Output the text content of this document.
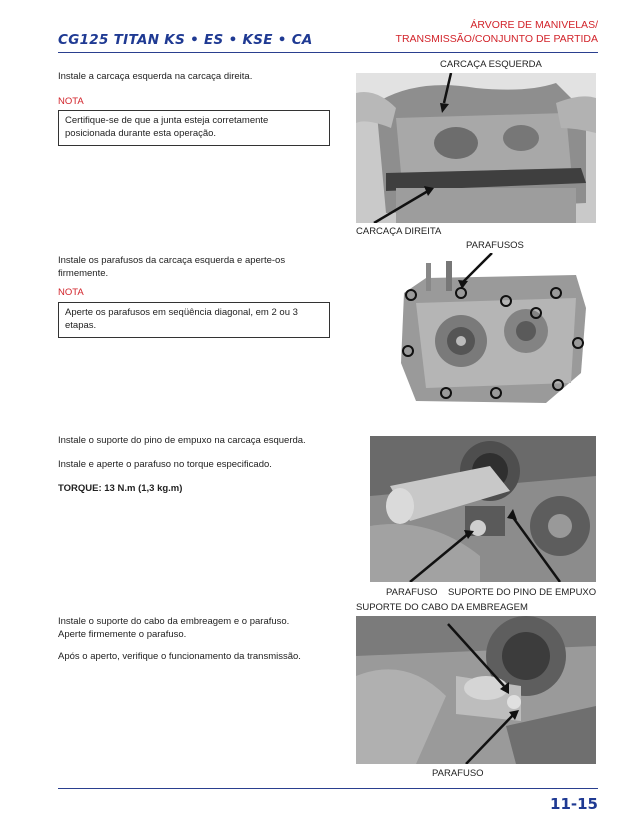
CG125 TITAN KS • ES • KSE • CA
ÁRVORE DE MANIVELAS/
TRANSMISSÃO/CONJUNTO DE PARTIDA
Instale a carcaça esquerda na carcaça direita.
NOTA
Certifique-se de que a junta esteja corretamente
posicionada durante esta operação.
CARCAÇA ESQUERDA
CARCAÇA DIREITA
Instale os parafusos da carcaça esquerda e aperte-os
firmemente.
NOTA
Aperte os parafusos em seqüência diagonal, em 2 ou 3
etapas.
PARAFUSOS
Instale o suporte do pino de empuxo na carcaça esquerda.
Instale e aperte o parafuso no torque especificado.
TORQUE: 13 N.m (1,3 kg.m)
PARAFUSO SUPORTE DO PINO DE EMPUXO
SUPORTE DO CABO DA EMBREAGEM
Instale o suporte do cabo da embreagem e o parafuso.
Aperte firmemente o parafuso.
Após o aperto, verifique o funcionamento da transmissão.
PARAFUSO
11-15
